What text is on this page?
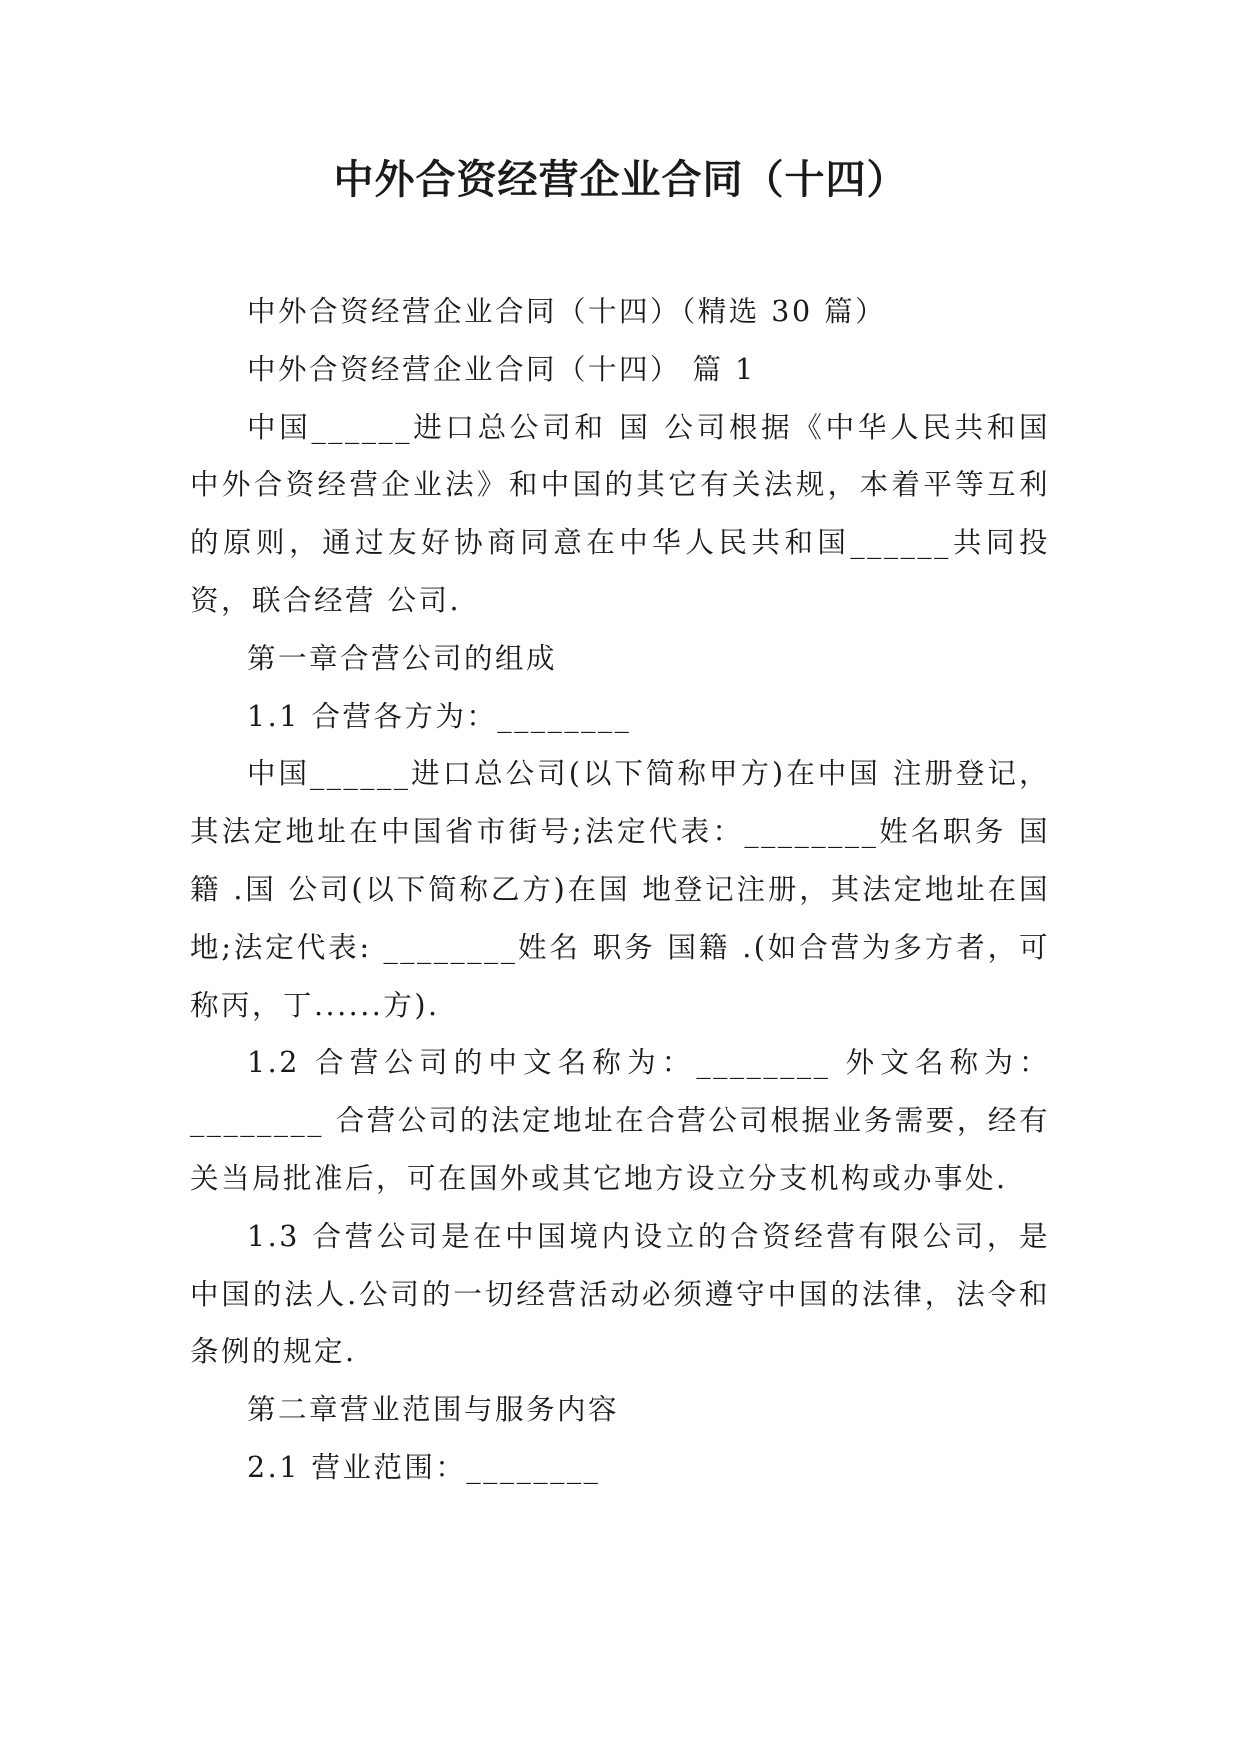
中外合资经营企业合同（十四）

中外合资经营企业合同（十四）（精选 30 篇）

中外合资经营企业合同（十四） 篇 1

中国______进口总公司和 国 公司根据《中华人民共和国中外合资经营企业法》和中国的其它有关法规，本着平等互利的原则，通过友好协商同意在中华人民共和国______共同投资，联合经营 公司.

第一章合营公司的组成

1.1 合营各方为：________

中国______进口总公司(以下简称甲方)在中国 注册登记，其法定地址在中国省市街号;法定代表：________姓名职务 国籍 .国 公司(以下简称乙方)在国 地登记注册，其法定地址在国 地;法定代表: ________姓名 职务 国籍 .(如合营为多方者，可称丙，丁......方).

1.2 合营公司的中文名称为：________ 外文名称为：________ 合营公司的法定地址在合营公司根据业务需要，经有关当局批准后，可在国外或其它地方设立分支机构或办事处.

1.3 合营公司是在中国境内设立的合资经营有限公司，是中国的法人.公司的一切经营活动必须遵守中国的法律，法令和条例的规定.

第二章营业范围与服务内容

2.1 营业范围：________
